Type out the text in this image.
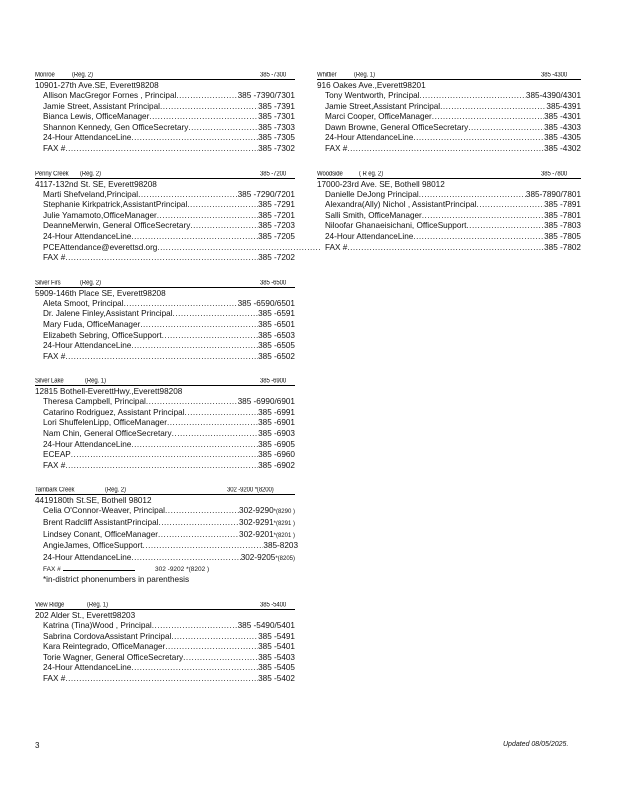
Monroe	(Reg. 2)	385 -7300
10901-27th Ave.SE, Everett98208
Allison MacGregor Fornes , Principal .....	385 -7390/7301
Jamie Street, Assistant Principal .....	385 -7391
Bianca Lewis, OfficeManager .....	385 -7301
Shannon Kennedy, Gen OfficeSecretary .....	385 -7303
24-Hour AttendanceLine .....	385 -7305
FAX # .....	385 -7302
Penny Creek (Reg. 2)	385 -7200
4117-132nd St. SE, Everett98208
Marti Shefveland,Principal .....	385 -7290/7201
Stephanie Kirkpatrick,AssistantPrincipal .....	385 -7291
Julie Yamamoto,OfficeManager .....	385 -7201
DeanneMerwin, General OfficeSecretary .....	385 -7203
24-Hour AttendanceLine .....	385 -7205
PCEAttendance@everettsd.org
.....
FAX # .....	385 -7202
Silver Firs	(Reg. 2)	385 -6500
5909-146th Place SE, Everett98208
Aleta Smoot, Principal .....	385 -6590/6501
Dr. Jalene Finley,Assistant Principal .....	385 -6591
Mary Fuda, OfficeManager .....	385 -6501
Elizabeth Sebring, OfficeSupport .....	385 -6503
24-Hour AttendanceLine .....	385 -6505
FAX # .....	385 -6502
Silver Lake	(Reg. 1)	385 -6900
12815 Bothell-EverettHwy.,Everett98208
Theresa Campbell, Principal .....	385 -6990/6901
Catarino Rodriguez, Assistant Principal .....	385 -6991
Lori ShuffelenLipp, OfficeManager .....	385 -6901
Nam Chin, General OfficeSecretary .....	385 -6903
24-Hour AttendanceLine .....	385 -6905
ECEAP .....	385 -6960
FAX # .....	385 -6902
Tambark Creek	(Reg. 2)	302 -9200 *(8200)
4419180th St.SE, Bothell 98012
Celia O'Connor-Weaver, Principal .....	302-9290*(8290 )
Brent Radcliff AssistantPrincipal .....	302-9291*(8291 )
Lindsey Conant, OfficeManager .....	302-9201*(8201 )
AngieJames, OfficeSupport .....	385-8203
24-Hour AttendanceLine .....	302-9205*(8205)
FAX #	302 -9202 *(8202 )
*in-district phonenumbers in parenthesis
View Ridge	(Reg. 1)	385 -5400
202 Alder St., Everett98203
Katrina (Tina)Wood , Principal .....	385 -5490/5401
Sabrina CordovaAssistant Principal .....	385 -5491
Kara Reintegrado, OfficeManager .....	385 -5401
Torie Wagner, General OfficeSecretary .....	385 -5403
24-Hour AttendanceLine .....	385 -5405
FAX # .....	385 -5402
Whittier	(Reg. 1)	385 -4300
916 Oakes Ave.,Everett98201
Tony Wentworth, Principal .....	385-4390/4301
Jamie Street,Assistant Principal .....	385-4391
Marci Cooper, OfficeManager .....	385 -4301
Dawn Browne, General OfficeSecretary .....	385 -4303
24-Hour AttendanceLine .....	385 -4305
FAX # .....	385 -4302
Woodside	( R eg. 2)	385 -7800
17000-23rd Ave. SE, Bothell 98012
Danielle DeJong Principal .....	385-7890/7801
Alexandra(Ally) Nichol , AssistantPrincipal .....	385 -7891
Salli Smith, OfficeManager .....	385 -7801
Niloofar Ghanaeisichani, OfficeSupport .....	385 -7803
24-Hour AttendanceLine .....	385 -7805
FAX # .....	385 -7802
3	Updated 08/05/2025.
